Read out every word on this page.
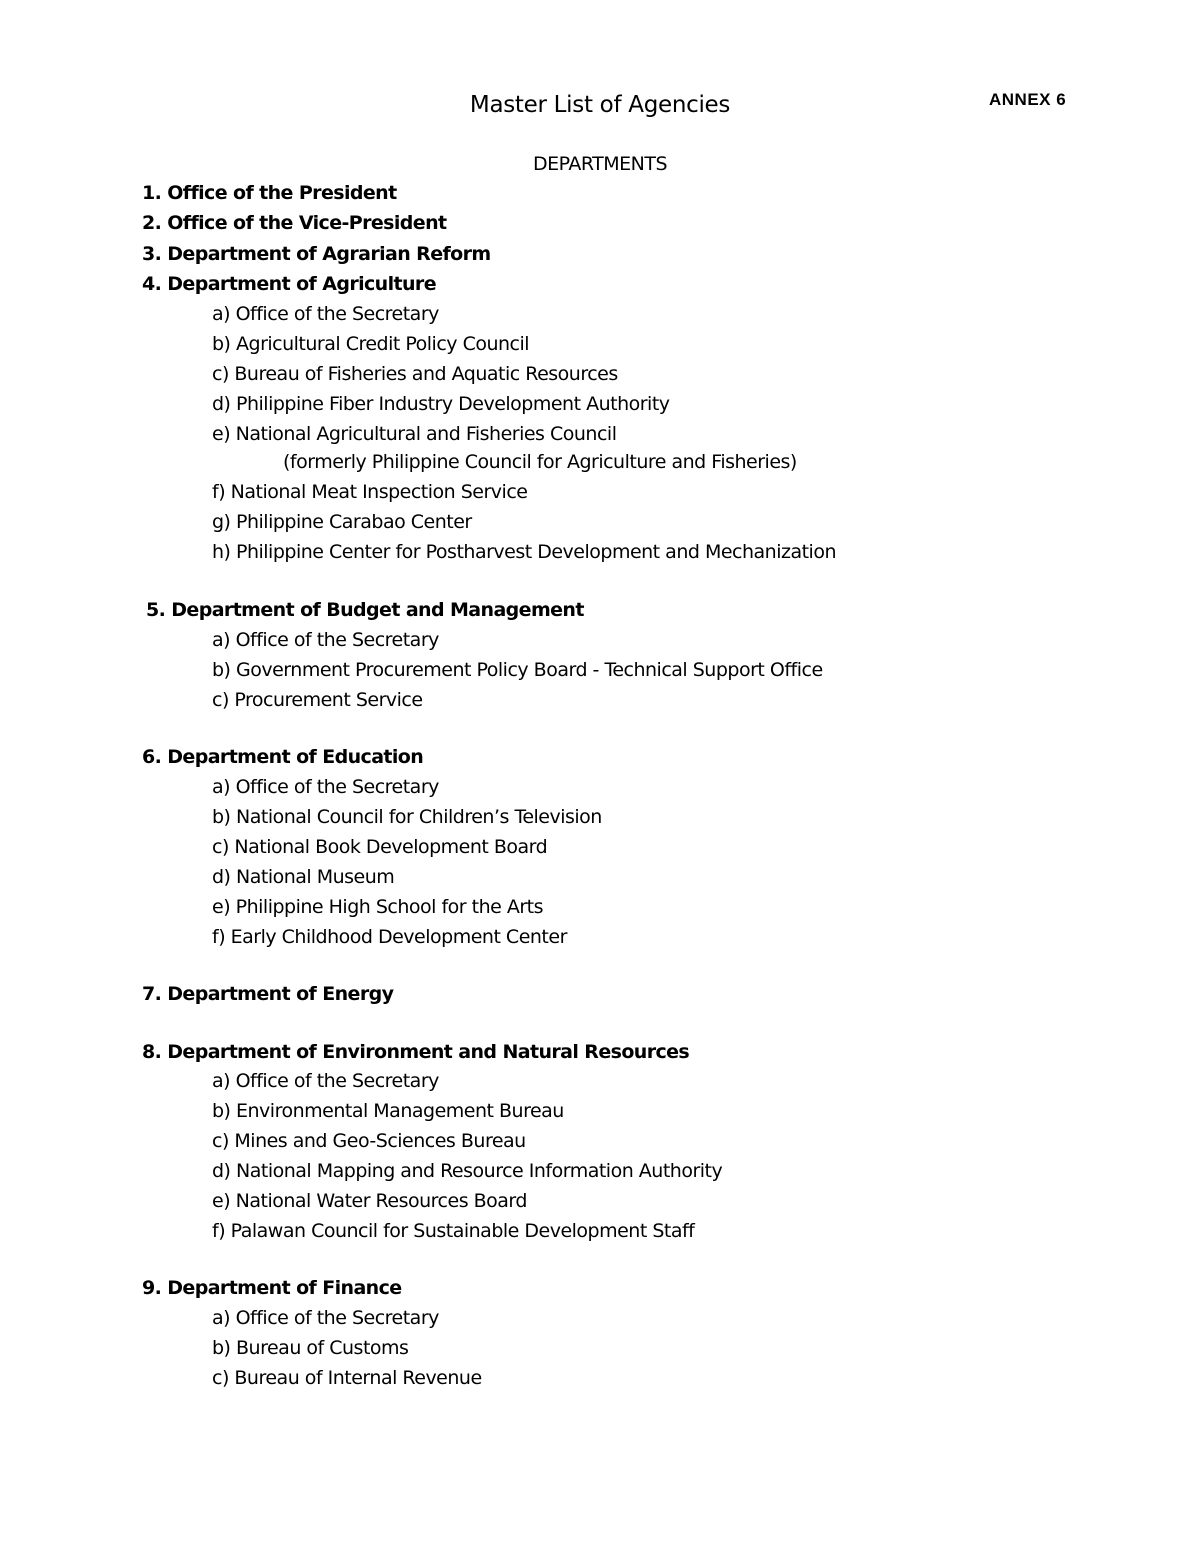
Master List of Agencies	ANNEX 6
DEPARTMENTS
1. Office of the President
2. Office of the Vice-President
3. Department of Agrarian Reform
4. Department of Agriculture
a) Office of the Secretary
b) Agricultural Credit Policy Council
c) Bureau of Fisheries and Aquatic Resources
d) Philippine Fiber Industry Development Authority
e) National Agricultural and Fisheries Council
(formerly Philippine Council for Agriculture and Fisheries)
f) National Meat Inspection Service
g) Philippine Carabao Center
h) Philippine Center for Postharvest Development and Mechanization
5. Department of Budget and Management
a) Office of the Secretary
b) Government Procurement Policy Board - Technical Support Office
c) Procurement Service
6. Department of Education
a) Office of the Secretary
b) National Council for Children’s Television
c) National Book Development Board
d) National Museum
e) Philippine High School for the Arts
f) Early Childhood Development Center
7. Department of Energy
8. Department of Environment and Natural Resources
a) Office of the Secretary
b) Environmental Management Bureau
c) Mines and Geo-Sciences Bureau
d) National Mapping and Resource Information Authority
e) National Water Resources Board
f) Palawan Council for Sustainable Development Staff
9. Department of Finance
a) Office of the Secretary
b) Bureau of Customs
c) Bureau of Internal Revenue
